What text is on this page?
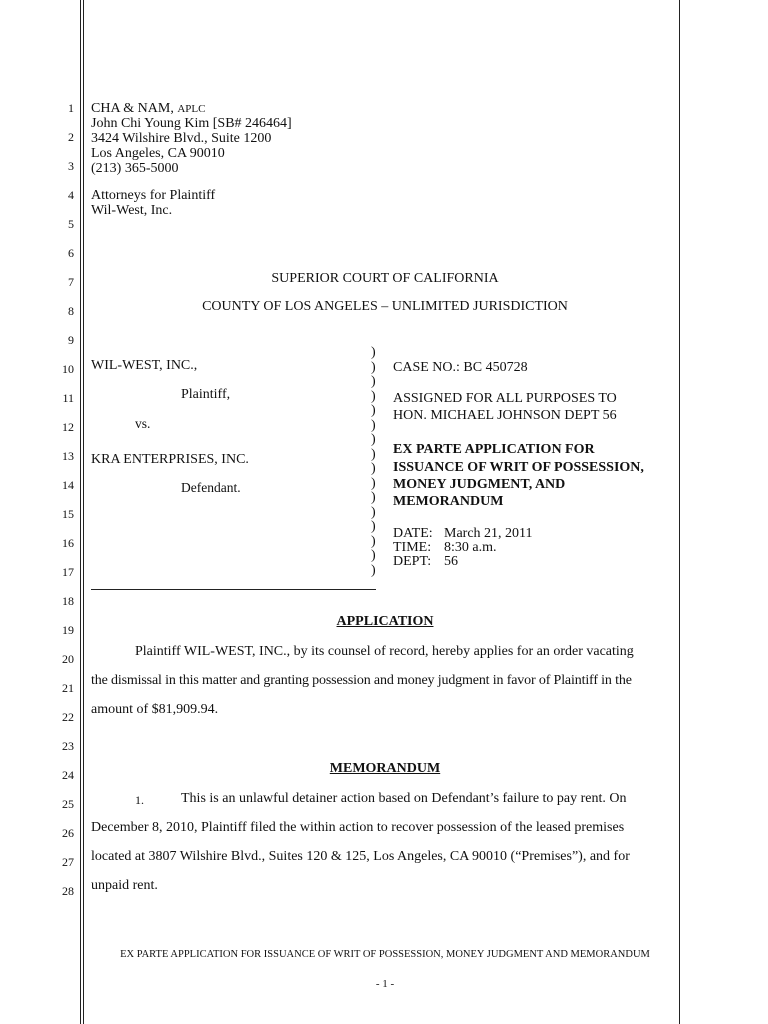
1
2
3
4
5
6
7
8
9
10
11
12
13
14
15
16
17
18
19
20
21
22
23
24
25
26
27
28
CHA & NAM, APLC
John Chi Young Kim [SB# 246464]
3424 Wilshire Blvd., Suite 1200
Los Angeles, CA 90010
(213) 365-5000
Attorneys for Plaintiff
Wil-West, Inc.
SUPERIOR COURT OF CALIFORNIA
COUNTY OF LOS ANGELES – UNLIMITED JURISDICTION
WIL-WEST, INC.,
Plaintiff,
vs.
KRA ENTERPRISES, INC.
Defendant.
)
)
)
)
)
)
)
)
)
)
)
)
)
)
)
)
CASE NO.: BC 450728
ASSIGNED FOR ALL PURPOSES TO
HON. MICHAEL JOHNSON DEPT 56
EX PARTE APPLICATION FOR
ISSUANCE OF WRIT OF POSSESSION,
MONEY JUDGMENT, AND
MEMORANDUM
DATE: March 21, 2011
TIME: 8:30 a.m.
DEPT: 56
APPLICATION
Plaintiff WIL-WEST, INC., by its counsel of record, hereby applies for an order vacating
the dismissal in this matter and granting possession and money judgment in favor of Plaintiff in the
amount of $81,909.94.
MEMORANDUM
1.	This is an unlawful detainer action based on Defendant’s failure to pay rent. On
December 8, 2010, Plaintiff filed the within action to recover possession of the leased premises
located at 3807 Wilshire Blvd., Suites 120 & 125, Los Angeles, CA 90010 (“Premises”), and for
unpaid rent.
EX PARTE APPLICATION FOR ISSUANCE OF WRIT OF POSSESSION, MONEY JUDGMENT AND MEMORANDUM
- 1 -
